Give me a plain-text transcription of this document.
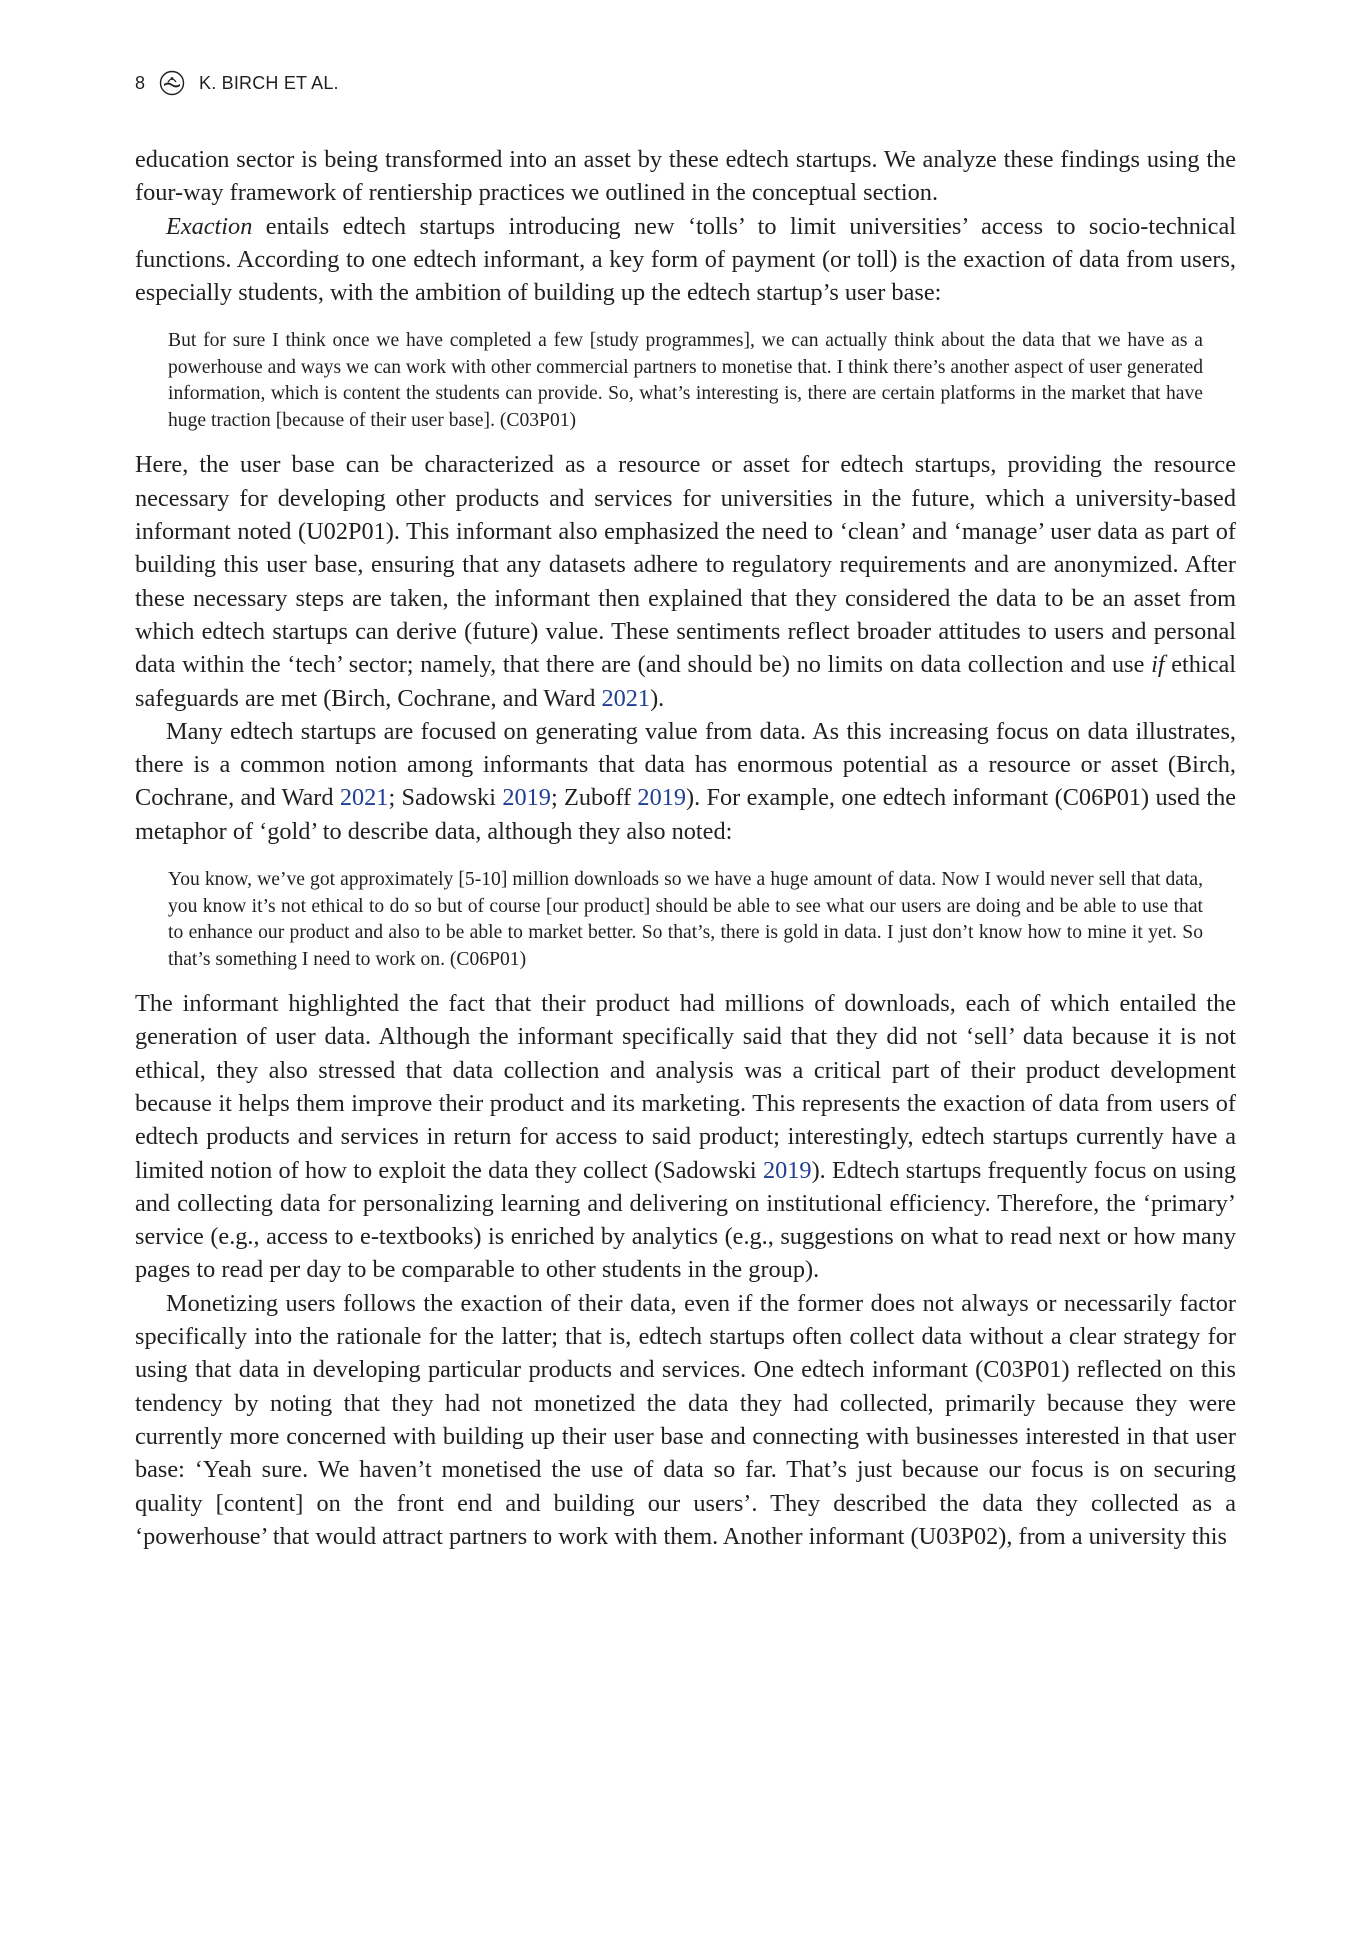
8	K. BIRCH ET AL.

education sector is being transformed into an asset by these edtech startups. We analyze these findings using the four-way framework of rentiership practices we outlined in the conceptual section.

Exaction entails edtech startups introducing new ‘tolls’ to limit universities’ access to socio-technical functions. According to one edtech informant, a key form of payment (or toll) is the exaction of data from users, especially students, with the ambition of building up the edtech startup’s user base:

But for sure I think once we have completed a few [study programmes], we can actually think about the data that we have as a powerhouse and ways we can work with other commercial partners to monetise that. I think there’s another aspect of user generated information, which is content the students can provide. So, what’s interesting is, there are certain platforms in the market that have huge traction [because of their user base]. (C03P01)

Here, the user base can be characterized as a resource or asset for edtech startups, providing the resource necessary for developing other products and services for universities in the future, which a university-based informant noted (U02P01). This informant also emphasized the need to ‘clean’ and ‘manage’ user data as part of building this user base, ensuring that any datasets adhere to regulatory requirements and are anonymized. After these necessary steps are taken, the informant then explained that they considered the data to be an asset from which edtech startups can derive (future) value. These sentiments reflect broader attitudes to users and personal data within the ‘tech’ sector; namely, that there are (and should be) no limits on data collection and use if ethical safeguards are met (Birch, Cochrane, and Ward 2021).

Many edtech startups are focused on generating value from data. As this increasing focus on data illustrates, there is a common notion among informants that data has enormous potential as a resource or asset (Birch, Cochrane, and Ward 2021; Sadowski 2019; Zuboff 2019). For example, one edtech informant (C06P01) used the metaphor of ‘gold’ to describe data, although they also noted:

You know, we’ve got approximately [5-10] million downloads so we have a huge amount of data. Now I would never sell that data, you know it’s not ethical to do so but of course [our product] should be able to see what our users are doing and be able to use that to enhance our product and also to be able to market better. So that’s, there is gold in data. I just don’t know how to mine it yet. So that’s something I need to work on. (C06P01)

The informant highlighted the fact that their product had millions of downloads, each of which entailed the generation of user data. Although the informant specifically said that they did not ‘sell’ data because it is not ethical, they also stressed that data collection and analysis was a critical part of their product development because it helps them improve their product and its marketing. This represents the exaction of data from users of edtech products and services in return for access to said product; interestingly, edtech startups currently have a limited notion of how to exploit the data they collect (Sadowski 2019). Edtech startups frequently focus on using and collecting data for personalizing learning and delivering on institutional efficiency. Therefore, the ‘primary’ service (e.g., access to e-textbooks) is enriched by analytics (e.g., suggestions on what to read next or how many pages to read per day to be comparable to other students in the group).

Monetizing users follows the exaction of their data, even if the former does not always or necessarily factor specifically into the rationale for the latter; that is, edtech startups often collect data without a clear strategy for using that data in developing particular products and services. One edtech informant (C03P01) reflected on this tendency by noting that they had not monetized the data they had collected, primarily because they were currently more concerned with building up their user base and connecting with businesses interested in that user base: ‘Yeah sure. We haven’t monetised the use of data so far. That’s just because our focus is on securing quality [content] on the front end and building our users’. They described the data they collected as a ‘powerhouse’ that would attract partners to work with them. Another informant (U03P02), from a university this
